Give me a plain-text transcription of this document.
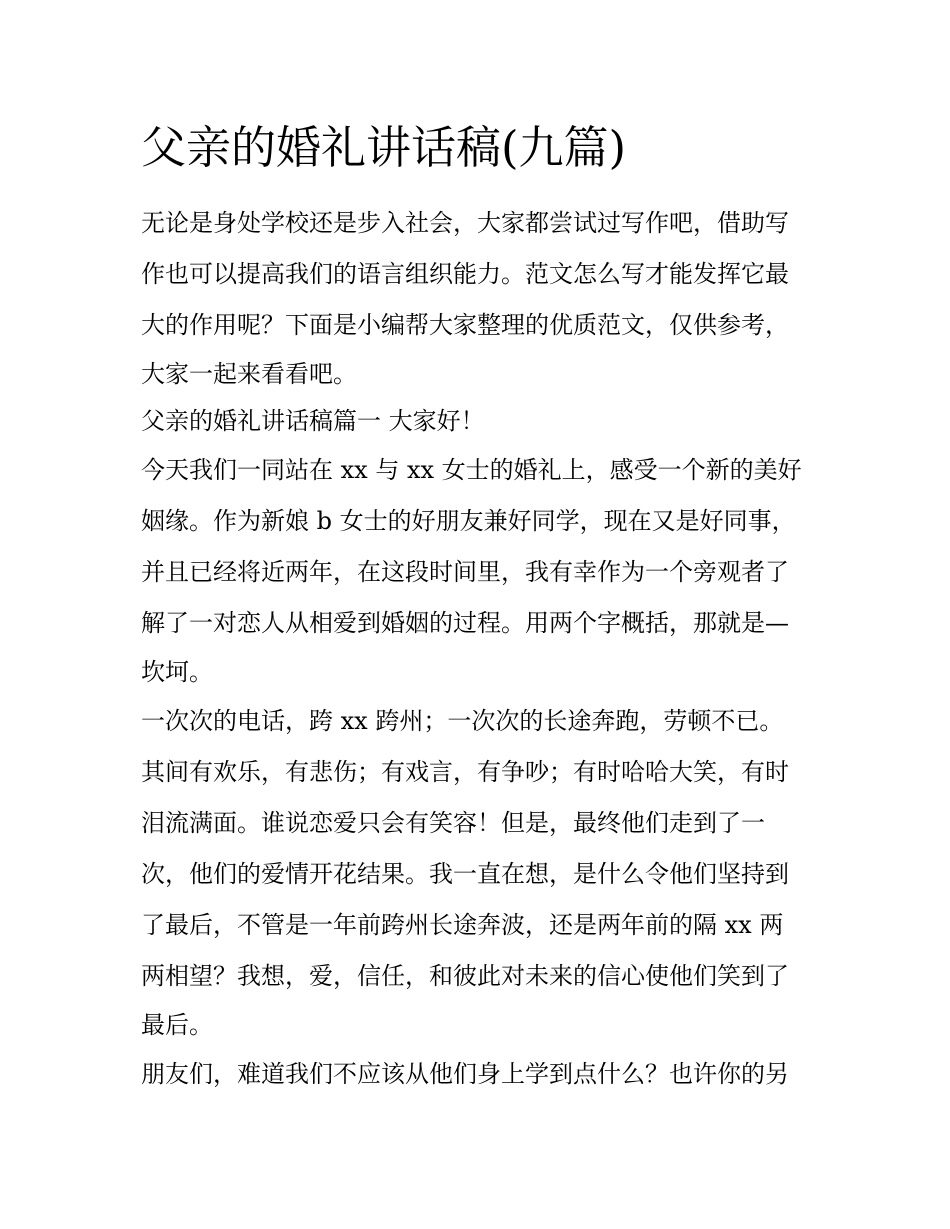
父亲的婚礼讲话稿(九篇)

无论是身处学校还是步入社会，大家都尝试过写作吧，借助写

作也可以提高我们的语言组织能力。范文怎么写才能发挥它最

大的作用呢？下面是小编帮大家整理的优质范文，仅供参考，

大家一起来看看吧。

父亲的婚礼讲话稿篇一 大家好！

今天我们一同站在 xx 与 xx 女士的婚礼上，感受一个新的美好

姻缘。作为新娘 b 女士的好朋友兼好同学，现在又是好同事，

并且已经将近两年，在这段时间里，我有幸作为一个旁观者了

解了一对恋人从相爱到婚姻的过程。用两个字概括，那就是—

坎坷。

一次次的电话，跨 xx 跨州；一次次的长途奔跑，劳顿不已。

其间有欢乐，有悲伤；有戏言，有争吵；有时哈哈大笑，有时

泪流满面。谁说恋爱只会有笑容！但是，最终他们走到了一

次，他们的爱情开花结果。我一直在想，是什么令他们坚持到

了最后，不管是一年前跨州长途奔波，还是两年前的隔 xx 两

两相望？我想，爱，信任，和彼此对未来的信心使他们笑到了

最后。

朋友们，难道我们不应该从他们身上学到点什么？也许你的另
